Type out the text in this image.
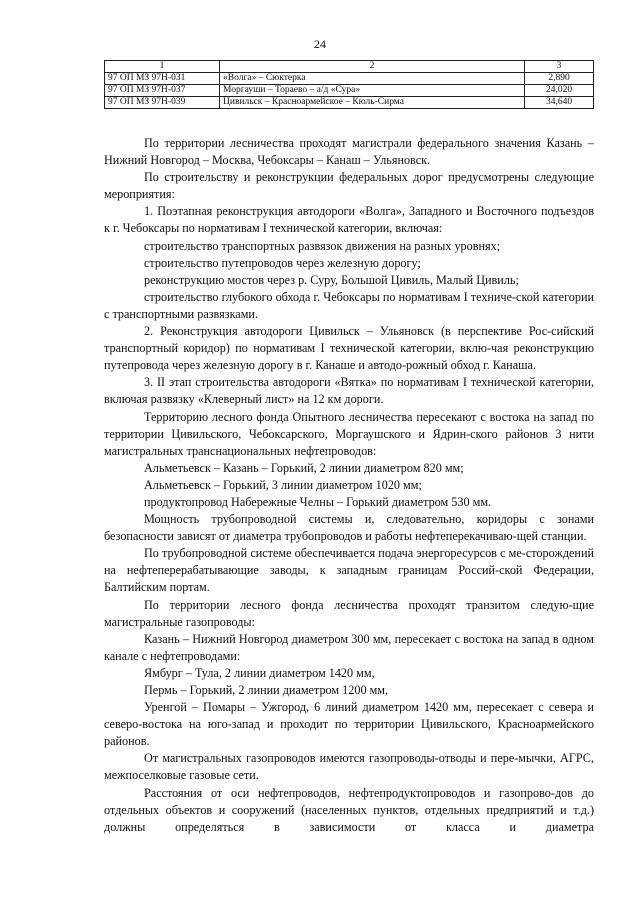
24
1	2	3
97 ОП МЗ 97Н-031	«Волга» – Сюктерка	2,890
97 ОП МЗ 97Н-037	Моргауши – Тораево – а/д «Сура»	24,020
97 ОП МЗ 97Н-039	Цивильск – Красноармейское – Кюль-Сирма	34,640

По территории лесничества проходят магистрали федерального значения Казань – Нижний Новгород – Москва, Чебоксары – Канаш – Ульяновск.

По строительству и реконструкции федеральных дорог предусмотрены следующие мероприятия:

1. Поэтапная реконструкция автодороги «Волга», Западного и Восточного подъездов к г. Чебоксары по нормативам I технической категории, включая:

строительство транспортных развязок движения на разных уровнях;

строительство путепроводов через железную дорогу;

реконструкцию мостов через р. Суру, Большой Цивиль, Малый Цивиль;

строительство глубокого обхода г. Чебоксары по нормативам I техниче-ской категории с транспортными развязками.

2. Реконструкция автодороги Цивильск – Ульяновск (в перспективе Рос-сийский транспортный коридор) по нормативам I технической категории, вклю-чая реконструкцию путепровода через железную дорогу в г. Канаше и автодо-рожный обход г. Канаша.

3. II этап строительства автодороги «Вятка» по нормативам I технической категории, включая развязку «Клеверный лист» на 12 км дороги.

Территорию лесного фонда Опытного лесничества пересекают с востока на запад по территории Цивильского, Чебоксарского, Моргаушского и Ядрин-ского районов 3 нити магистральных транснациональных нефтепроводов:

Альметьевск – Казань – Горький, 2 линии диаметром 820 мм;

Альметьевск – Горький, 3 линии диаметром 1020 мм;

продуктопровод Набережные Челны – Горький диаметром 530 мм.

Мощность трубопроводной системы и, следовательно, коридоры с зонами безопасности зависят от диаметра трубопроводов и работы нефтеперекачиваю-щей станции.

По трубопроводной системе обеспечивается подача энергоресурсов с ме-сторождений на нефтеперерабатывающие заводы, к западным границам Россий-ской Федерации, Балтийским портам.

По территории лесного фонда лесничества проходят транзитом следую-щие магистральные газопроводы:

Казань – Нижний Новгород диаметром 300 мм, пересекает с востока на запад в одном канале с нефтепроводами:

Ямбург – Тула, 2 линии диаметром 1420 мм,

Пермь – Горький, 2 линии диаметром 1200 мм,

Уренгой – Помары – Ужгород, 6 линий диаметром 1420 мм, пересекает с севера и северо-востока на юго-запад и проходит по территории Цивильского, Красноармейского районов.

От магистральных газопроводов имеются газопроводы-отводы и пере-мычки, АГРС, межпоселковые газовые сети.

Расстояния от оси нефтепроводов, нефтепродуктопроводов и газопрово-дов до отдельных объектов и сооружений (населенных пунктов, отдельных предприятий и т.д.) должны определяться в зависимости от класса и диаметра
